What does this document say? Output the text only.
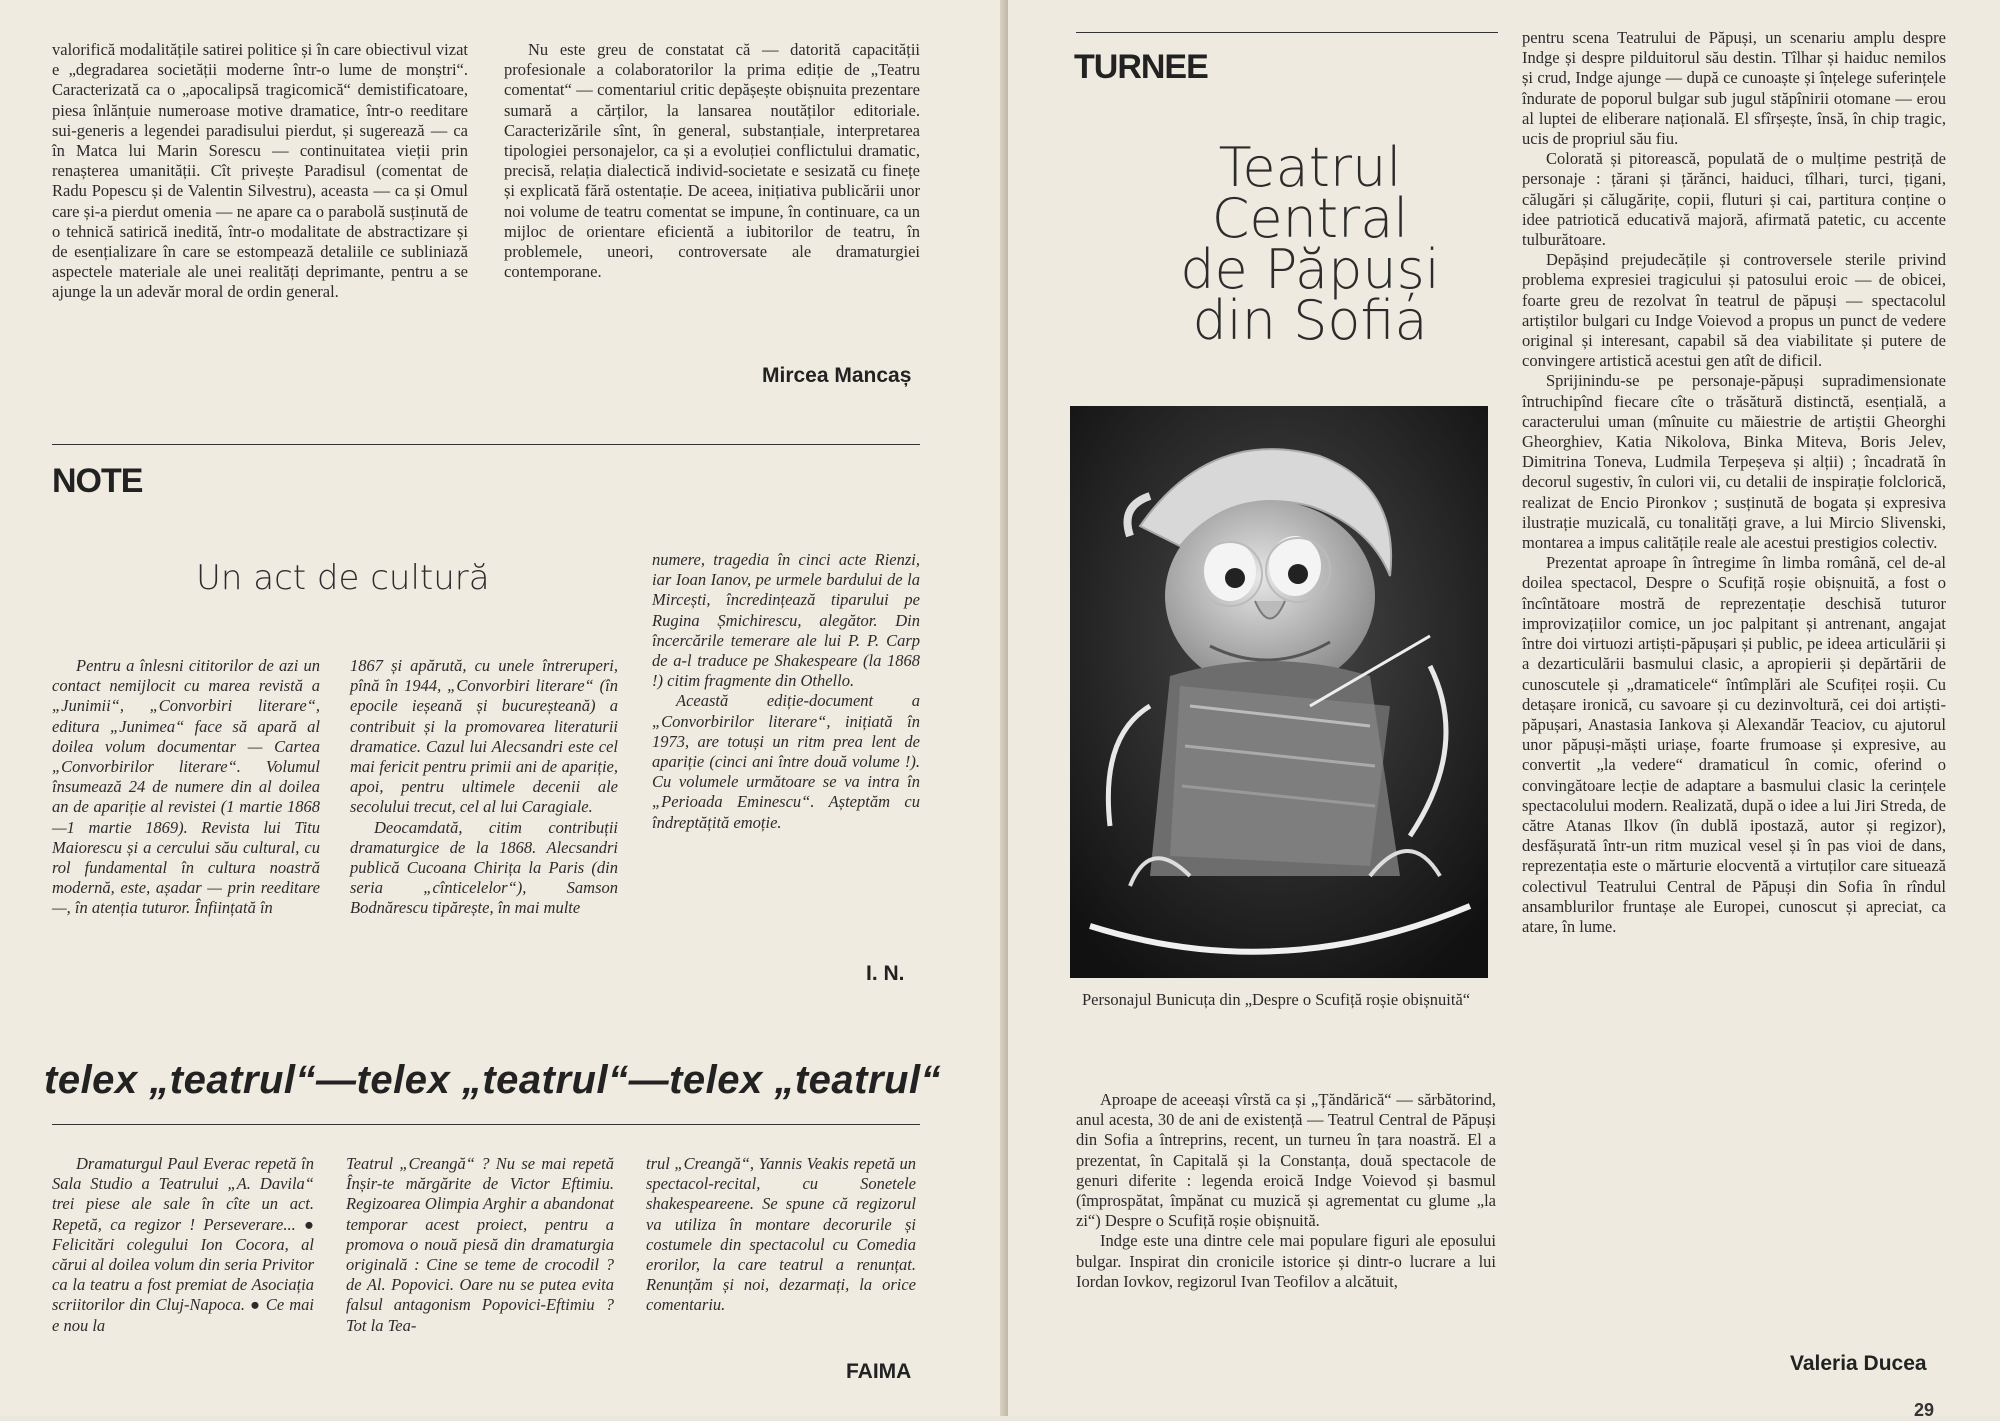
valorifică modalitățile satirei politice și în care obiectivul vizat e „degradarea societății moderne într-o lume de monștri“. Caracterizată ca o „apocalipsă tragicomică“ demistificatoare, piesa înlănțuie numeroase motive dramatice, într-o reeditare sui-generis a legendei paradisului pierdut, și sugerează — ca în Matca lui Marin Sorescu — continuitatea vieții prin renașterea umanității. Cît privește Paradisul (comentat de Radu Popescu și de Valentin Silvestru), aceasta — ca și Omul care și-a pierdut omenia — ne apare ca o parabolă susținută de o tehnică satirică inedită, într-o modalitate de abstractizare și de esențializare în care se estompează detaliile ce subliniază aspectele materiale ale unei realități deprimante, pentru a se ajunge la un adevăr moral de ordin general.

Nu este greu de constatat că — datorită capacității profesionale a colaboratorilor la prima ediție de „Teatru comentat“ — comentariul critic depășește obișnuita prezentare sumară a cărților, la lansarea noutăților editoriale. Caracterizările sînt, în general, substanțiale, interpretarea tipologiei personajelor, ca și a evoluției conflictului dramatic, precisă, relația dialectică individ-societate e sesizată cu finețe și explicată fără ostentație. De aceea, inițiativa publicării unor noi volume de teatru comentat se impune, în continuare, ca un mijloc de orientare eficientă a iubitorilor de teatru, în problemele, uneori, controversate ale dramaturgiei contemporane.

Mircea Mancaș
NOTE
Un act de cultură

Pentru a înlesni cititorilor de azi un contact nemijlocit cu marea revistă a „Junimii“, „Convorbiri literare“, editura „Junimea“ face să apară al doilea volum documentar — Cartea „Convorbirilor literare“. Volumul însumează 24 de numere din al doilea an de apariție al revistei (1 martie 1868—1 martie 1869). Revista lui Titu Maiorescu și a cercului său cultural, cu rol fundamental în cultura noastră modernă, este, așadar — prin reeditare —, în atenția tuturor. Înființată în

1867 și apărută, cu unele întreruperi, pînă în 1944, „Convorbiri literare“ (în epocile ieșeană și bucureșteană) a contribuit și la promovarea literaturii dramatice. Cazul lui Alecsandri este cel mai fericit pentru primii ani de apariție, apoi, pentru ultimele decenii ale secolului trecut, cel al lui Caragiale.

Deocamdată, citim contribuții dramaturgice de la 1868. Alecsandri publică Cucoana Chirița la Paris (din seria „cînticelelor“), Samson Bodnărescu tipărește, în mai multe

numere, tragedia în cinci acte Rienzi, iar Ioan Ianov, pe urmele bardului de la Mircești, încredințează tiparului pe Rugina Șmichirescu, alegător. Din încercările temerare ale lui P. P. Carp de a-l traduce pe Shakespeare (la 1868 !) citim fragmente din Othello.

Această ediție-document a „Convorbirilor literare“, inițiată în 1973, are totuși un ritm prea lent de apariție (cinci ani între două volume !). Cu volumele următoare se va intra în „Perioada Eminescu“. Așteptăm cu îndreptățită emoție.

I. N.
telex „teatrul“—telex „teatrul“—telex „teatrul“

Dramaturgul Paul Everac repetă în Sala Studio a Teatrului „A. Davila“ trei piese ale sale în cîte un act. Repetă, ca regizor ! Perseverare... ● Felicitări colegului Ion Cocora, al cărui al doilea volum din seria Privitor ca la teatru a fost premiat de Asociația scriitorilor din Cluj-Napoca. ● Ce mai e nou la

Teatrul „Creangă“ ? Nu se mai repetă Înșir-te mărgărite de Victor Eftimiu. Regizoarea Olimpia Arghir a abandonat temporar acest proiect, pentru a promova o nouă piesă din dramaturgia originală : Cine se teme de crocodil ? de Al. Popovici. Oare nu se putea evita falsul antagonism Popovici-Eftimiu ? Tot la Tea-

trul „Creangă“, Yannis Veakis repetă un spectacol-recital, cu Sonetele shakespeareene. Se spune că regizorul va utiliza în montare decorurile și costumele din spectacolul cu Comedia erorilor, la care teatrul a renunțat. Renunțăm și noi, dezarmați, la orice comentariu.

FAIMA
TURNEE
Teatrul
Central
de Păpuși
din Sofia
Personajul Bunicuța din „Despre o Scufiță roșie obișnuită“

Aproape de aceeași vîrstă ca și „Țăndărică“ — sărbătorind, anul acesta, 30 de ani de existență — Teatrul Central de Păpuși din Sofia a întreprins, recent, un turneu în țara noastră. El a prezentat, în Capitală și la Constanța, două spectacole de genuri diferite : legenda eroică Indge Voievod și basmul (împrospătat, împănat cu muzică și agrementat cu glume „la zi“) Despre o Scufiță roșie obișnuită.

Indge este una dintre cele mai populare figuri ale eposului bulgar. Inspirat din cronicile istorice și dintr-o lucrare a lui Iordan Iovkov, regizorul Ivan Teofilov a alcătuit,

pentru scena Teatrului de Păpuși, un scenariu amplu despre Indge și despre pilduitorul său destin. Tîlhar și haiduc nemilos și crud, Indge ajunge — după ce cunoaște și înțelege suferințele îndurate de poporul bulgar sub jugul stăpînirii otomane — erou al luptei de eliberare națională. El sfîrșește, însă, în chip tragic, ucis de propriul său fiu.

Colorată și pitorească, populată de o mulțime pestriță de personaje : țărani și țărănci, haiduci, tîlhari, turci, țigani, călugări și călugărițe, copii, fluturi și cai, partitura conține o idee patriotică educativă majoră, afirmată patetic, cu accente tulburătoare.

Depășind prejudecățile și controversele sterile privind problema expresiei tragicului și patosului eroic — de obicei, foarte greu de rezolvat în teatrul de păpuși — spectacolul artiștilor bulgari cu Indge Voievod a propus un punct de vedere original și interesant, capabil să dea viabilitate și putere de convingere artistică acestui gen atît de dificil.

Sprijinindu-se pe personaje-păpuși supradimensionate întruchipînd fiecare cîte o trăsătură distinctă, esențială, a caracterului uman (mînuite cu măiestrie de artiștii Gheorghi Gheorghiev, Katia Nikolova, Binka Miteva, Boris Jelev, Dimitrina Toneva, Ludmila Terpeșeva și alții) ; încadrată în decorul sugestiv, în culori vii, cu detalii de inspirație folclorică, realizat de Encio Pironkov ; susținută de bogata și expresiva ilustrație muzicală, cu tonalități grave, a lui Mircio Slivenski, montarea a impus calitățile reale ale acestui prestigios colectiv.

Prezentat aproape în întregime în limba română, cel de-al doilea spectacol, Despre o Scufiță roșie obișnuită, a fost o încîntătoare mostră de reprezentație deschisă tuturor improvizațiilor comice, un joc palpitant și antrenant, angajat între doi virtuozi artiști-păpușari și public, pe ideea articulării și a dezarticulării basmului clasic, a apropierii și depărtării de cunoscutele și „dramaticele“ întîmplări ale Scufiței roșii. Cu detașare ironică, cu savoare și cu dezinvoltură, cei doi artiști-păpușari, Anastasia Iankova și Alexandăr Teaciov, cu ajutorul unor păpuși-măști uriașe, foarte frumoase și expresive, au convertit „la vedere“ dramaticul în comic, oferind o convingătoare lecție de adaptare a basmului clasic la cerințele spectacolului modern. Realizată, după o idee a lui Jiri Streda, de către Atanas Ilkov (în dublă ipostază, autor și regizor), desfășurată într-un ritm muzical vesel și în pas vioi de dans, reprezentația este o mărturie elocventă a virtuților care situează colectivul Teatrului Central de Păpuși din Sofia în rîndul ansamblurilor fruntașe ale Europei, cunoscut și apreciat, ca atare, în lume.

Valeria Ducea
29
